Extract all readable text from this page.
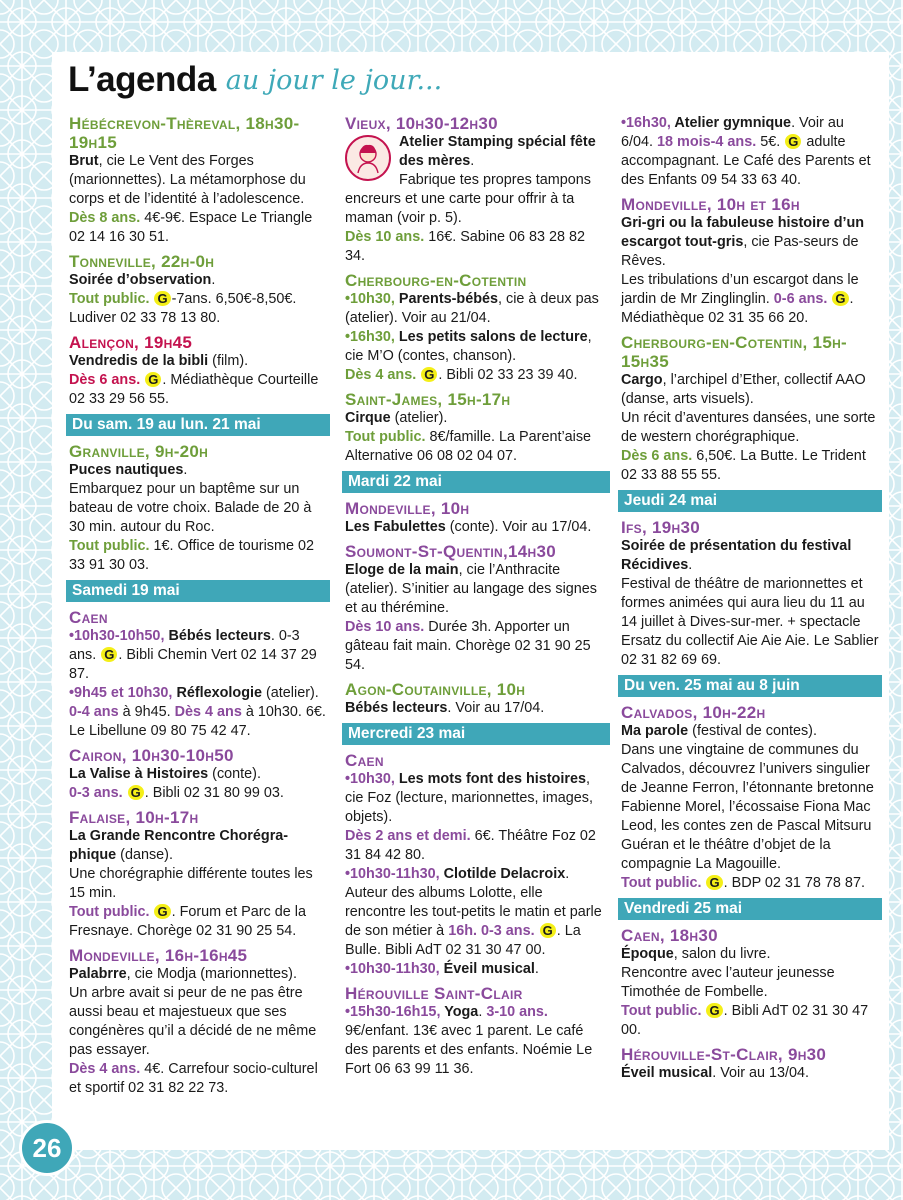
L’agenda au jour le jour...
Hébécrevon-Thèreval, 18h30-19h15
Brut, cie Le Vent des Forges (marionnettes). La métamorphose du corps et de l’identité à l’adolescence. Dès 8 ans. 4€-9€. Espace Le Triangle 02 14 16 30 51.
Tonneville, 22h-0h
Soirée d’observation.
Tout public. G -7ans. 6,50€-8,50€. Ludiver 02 33 78 13 80.
Alençon, 19h45
Vendredis de la bibli (film).
Dès 6 ans. G . Médiathèque Courteille 02 33 29 56 55.
Du sam. 19 au lun. 21 mai
Granville, 9h-20h
Puces nautiques.
Embarquez pour un baptême sur un bateau de votre choix. Balade de 20 à 30 min. autour du Roc.
Tout public. 1€. Office de tourisme 02 33 91 30 03.
Samedi 19 mai
Caen
•10h30-10h50, Bébés lecteurs. 0-3 ans. G . Bibli Chemin Vert 02 14 37 29 87.
•9h45 et 10h30, Réflexologie (atelier). 0-4 ans à 9h45. Dès 4 ans à 10h30. 6€. Le Libellune 09 80 75 42 47.
Cairon, 10h30-10h50
La Valise à Histoires (conte).
0-3 ans. G . Bibli 02 31 80 99 03.
Falaise, 10h-17h
La Grande Rencontre Chorégra-phique (danse).
Une chorégraphie différente toutes les 15 min.
Tout public. G . Forum et Parc de la Fresnaye. Chorège 02 31 90 25 54.
Mondeville, 16h-16h45
Palabrre, cie Modja (marionnettes).
Un arbre avait si peur de ne pas être aussi beau et majestueux que ses congénères qu’il a décidé de ne même pas essayer.
Dès 4 ans. 4€. Carrefour socio-culturel et sportif 02 31 82 22 73.
Vieux, 10h30-12h30
Atelier Stamping spécial fête des mères.
Fabrique tes propres tampons encreurs et une carte pour offrir à ta maman (voir p. 5).
Dès 10 ans. 16€. Sabine 06 83 28 82 34.
Cherbourg-en-Cotentin
•10h30, Parents-bébés, cie à deux pas (atelier). Voir au 21/04.
•16h30, Les petits salons de lecture, cie M’O (contes, chanson).
Dès 4 ans. G . Bibli 02 33 23 39 40.
Saint-James, 15h-17h
Cirque (atelier).
Tout public. 8€/famille. La Parent’aise Alternative 06 08 02 04 07.
Mardi 22 mai
Mondeville, 10h
Les Fabulettes (conte). Voir au 17/04.
Soumont-St-Quentin,14h30
Eloge de la main, cie l’Anthracite (atelier). S’initier au langage des signes et au thérémine.
Dès 10 ans. Durée 3h. Apporter un gâteau fait main. Chorège 02 31 90 25 54.
Agon-Coutainville, 10h
Bébés lecteurs. Voir au 17/04.
Mercredi 23 mai
Caen
•10h30, Les mots font des histoires, cie Foz (lecture, marionnettes, images, objets).
Dès 2 ans et demi. 6€. Théâtre Foz 02 31 84 42 80.
•10h30-11h30, Clotilde Delacroix. Auteur des albums Lolotte, elle rencontre les tout-petits le matin et parle de son métier à 16h. 0-3 ans. G . La Bulle. Bibli AdT 02 31 30 47 00.
•10h30-11h30, Éveil musical.
Hérouville Saint-Clair
•15h30-16h15, Yoga. 3-10 ans. 9€/enfant. 13€ avec 1 parent. Le café des parents et des enfants. Noémie Le Fort 06 63 99 11 36.
•16h30, Atelier gymnique. Voir au 6/04. 18 mois-4 ans. 5€. G adulte accompagnant. Le Café des Parents et des Enfants 09 54 33 63 40.
Mondeville, 10h et 16h
Gri-gri ou la fabuleuse histoire d’un escargot tout-gris, cie Pas-seurs de Rêves.
Les tribulations d’un escargot dans le jardin de Mr Zinglinglin. 0-6 ans. G . Médiathèque 02 31 35 66 20.
Cherbourg-en-Cotentin, 15h-15h35
Cargo, l’archipel d’Ether, collectif AAO (danse, arts visuels).
Un récit d’aventures dansées, une sorte de western chorégraphique.
Dès 6 ans. 6,50€. La Butte. Le Trident 02 33 88 55 55.
Jeudi 24 mai
Ifs, 19h30
Soirée de présentation du festival Récidives.
Festival de théâtre de marionnettes et formes animées qui aura lieu du 11 au 14 juillet à Dives-sur-mer. + spectacle Ersatz du collectif Aie Aie Aie. Le Sablier 02 31 82 69 69.
Du ven. 25 mai au 8 juin
Calvados, 10h-22h
Ma parole (festival de contes).
Dans une vingtaine de communes du Calvados, découvrez l’univers singulier de Jeanne Ferron, l’étonnante bretonne Fabienne Morel, l’écossaise Fiona Mac Leod, les contes zen de Pascal Mitsuru Guéran et le théâtre d’objet de la compagnie La Magouille.
Tout public. G . BDP 02 31 78 78 87.
Vendredi 25 mai
Caen, 18h30
Époque, salon du livre.
Rencontre avec l’auteur jeunesse Timothée de Fombelle.
Tout public. G . Bibli AdT 02 31 30 47 00.
Hérouville-St-Clair, 9h30
Éveil musical. Voir au 13/04.
26
